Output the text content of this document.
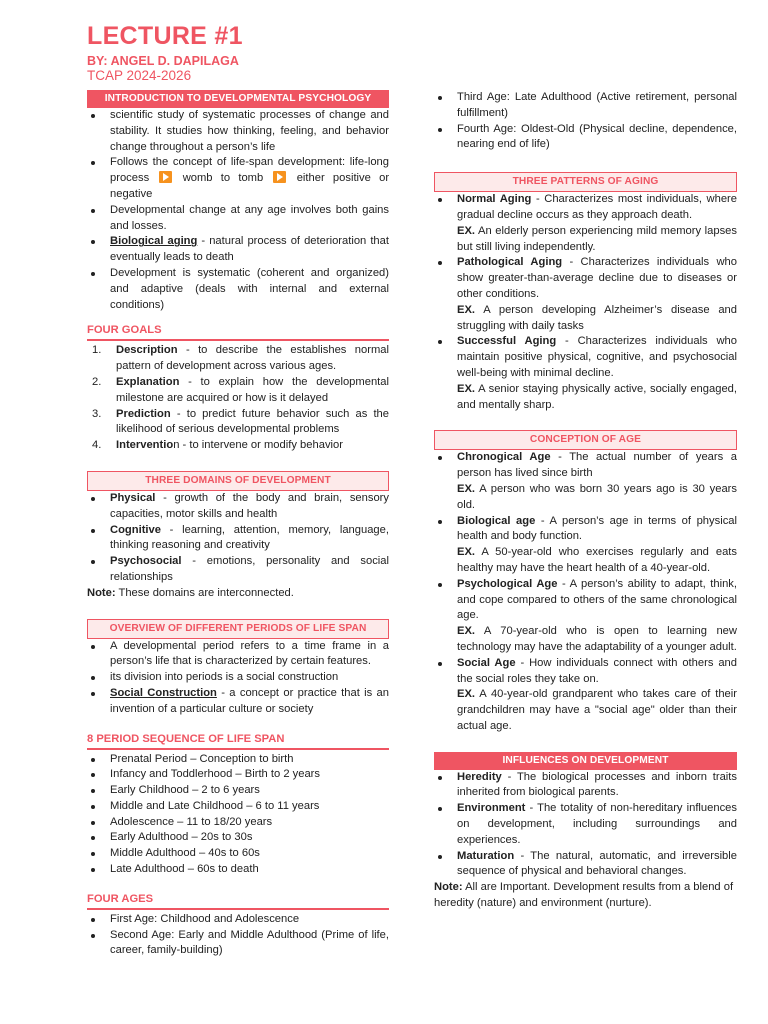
LECTURE #1
BY: ANGEL D. DAPILAGA
TCAP 2024-2026
INTRODUCTION TO DEVELOPMENTAL PSYCHOLOGY
scientific study of systematic processes of change and stability. It studies how thinking, feeling, and behavior change throughout a person’s life
Follows the concept of life-span development: life-long process	womb to tomb	either positive or negative
Developmental change at any age involves both gains and losses.
Biological aging - natural process of deterioration that eventually leads to death
Development is systematic (coherent and organized) and adaptive (deals with internal and external conditions)
FOUR GOALS
1. Description - to describe the establishes normal pattern of development across various ages.
2. Explanation - to explain how the developmental milestone are acquired or how is it delayed
3. Prediction - to predict future behavior such as the likelihood of serious developmental problems
4. Intervention - to intervene or modify behavior
THREE DOMAINS OF DEVELOPMENT
Physical - growth of the body and brain, sensory capacities, motor skills and health
Cognitive - learning, attention, memory, language, thinking reasoning and creativity
Psychosocial - emotions, personality and social relationships
Note: These domains are interconnected.
OVERVIEW OF DIFFERENT PERIODS OF LIFE SPAN
A developmental period refers to a time frame in a person’s life that is characterized by certain features.
its division into periods is a social construction
Social Construction - a concept or practice that is an invention of a particular culture or society
8 PERIOD SEQUENCE OF LIFE SPAN
Prenatal Period – Conception to birth
Infancy and Toddlerhood – Birth to 2 years
Early Childhood – 2 to 6 years
Middle and Late Childhood – 6 to 11 years
Adolescence – 11 to 18/20 years
Early Adulthood – 20s to 30s
Middle Adulthood – 40s to 60s
Late Adulthood – 60s to death
FOUR AGES
First Age: Childhood and Adolescence
Second Age: Early and Middle Adulthood (Prime of life, career, family-building)
Third Age: Late Adulthood (Active retirement, personal fulfillment)
Fourth Age: Oldest-Old (Physical decline, dependence, nearing end of life)
THREE PATTERNS OF AGING
Normal Aging - Characterizes most individuals, where gradual decline occurs as they approach death.
EX. An elderly person experiencing mild memory lapses but still living independently.
Pathological Aging - Characterizes individuals who show greater-than-average decline due to diseases or other conditions.
EX. A person developing Alzheimer’s disease and struggling with daily tasks
Successful Aging - Characterizes individuals who maintain positive physical, cognitive, and psychosocial well-being with minimal decline.
EX. A senior staying physically active, socially engaged, and mentally sharp.
CONCEPTION OF AGE
Chronogical Age - The actual number of years a person has lived since birth
EX. A person who was born 30 years ago is 30 years old.
Biological age - A person’s age in terms of physical health and body function.
EX. A 50-year-old who exercises regularly and eats healthy may have the heart health of a 40-year-old.
Psychological Age - A person’s ability to adapt, think, and cope compared to others of the same chronological age.
EX. A 70-year-old who is open to learning new technology may have the adaptability of a younger adult.
Social Age - How individuals connect with others and the social roles they take on.
EX. A 40-year-old grandparent who takes care of their grandchildren may have a "social age" older than their actual age.
INFLUENCES ON DEVELOPMENT
Heredity - The biological processes and inborn traits inherited from biological parents.
Environment - The totality of non-hereditary influences on development, including surroundings and experiences.
Maturation - The natural, automatic, and irreversible sequence of physical and behavioral changes.
Note: All are Important. Development results from a blend of heredity (nature) and environment (nurture).
